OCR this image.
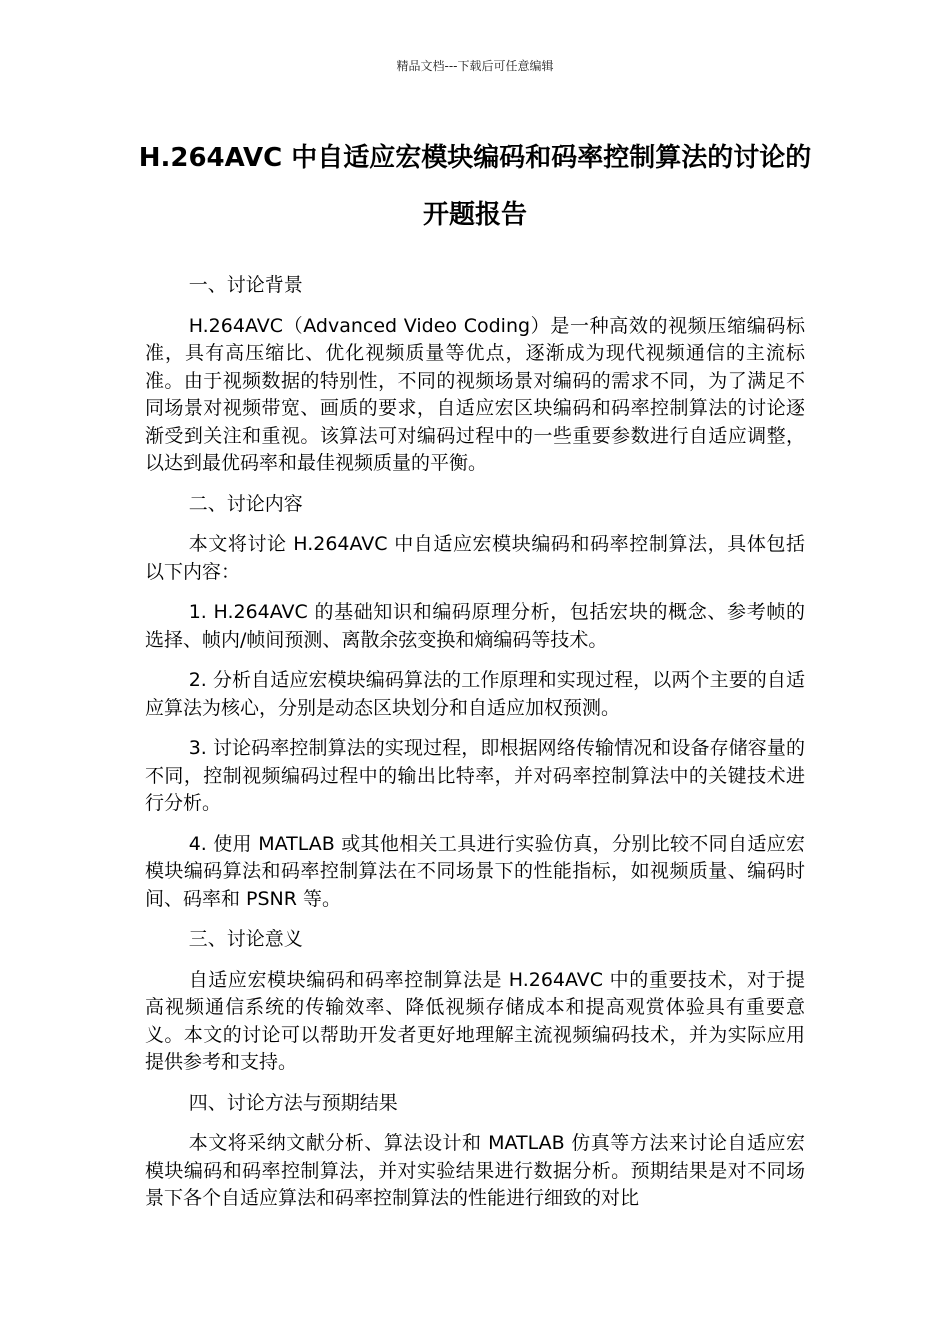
精品文档---下载后可任意编辑
H.264AVC 中自适应宏模块编码和码率控制算法的讨论的开题报告

一、讨论背景

H.264AVC（Advanced Video Coding）是一种高效的视频压缩编码标准，具有高压缩比、优化视频质量等优点，逐渐成为现代视频通信的主流标准。由于视频数据的特别性，不同的视频场景对编码的需求不同，为了满足不同场景对视频带宽、画质的要求，自适应宏区块编码和码率控制算法的讨论逐渐受到关注和重视。该算法可对编码过程中的一些重要参数进行自适应调整，以达到最优码率和最佳视频质量的平衡。

二、讨论内容

本文将讨论 H.264AVC 中自适应宏模块编码和码率控制算法，具体包括以下内容：

1. H.264AVC 的基础知识和编码原理分析，包括宏块的概念、参考帧的选择、帧内/帧间预测、离散余弦变换和熵编码等技术。

2. 分析自适应宏模块编码算法的工作原理和实现过程，以两个主要的自适应算法为核心，分别是动态区块划分和自适应加权预测。

3. 讨论码率控制算法的实现过程，即根据网络传输情况和设备存储容量的不同，控制视频编码过程中的输出比特率，并对码率控制算法中的关键技术进行分析。

4. 使用 MATLAB 或其他相关工具进行实验仿真，分别比较不同自适应宏模块编码算法和码率控制算法在不同场景下的性能指标，如视频质量、编码时间、码率和 PSNR 等。

三、讨论意义

自适应宏模块编码和码率控制算法是 H.264AVC 中的重要技术，对于提高视频通信系统的传输效率、降低视频存储成本和提高观赏体验具有重要意义。本文的讨论可以帮助开发者更好地理解主流视频编码技术，并为实际应用提供参考和支持。

四、讨论方法与预期结果

本文将采纳文献分析、算法设计和 MATLAB 仿真等方法来讨论自适应宏模块编码和码率控制算法，并对实验结果进行数据分析。预期结果是对不同场景下各个自适应算法和码率控制算法的性能进行细致的对比
